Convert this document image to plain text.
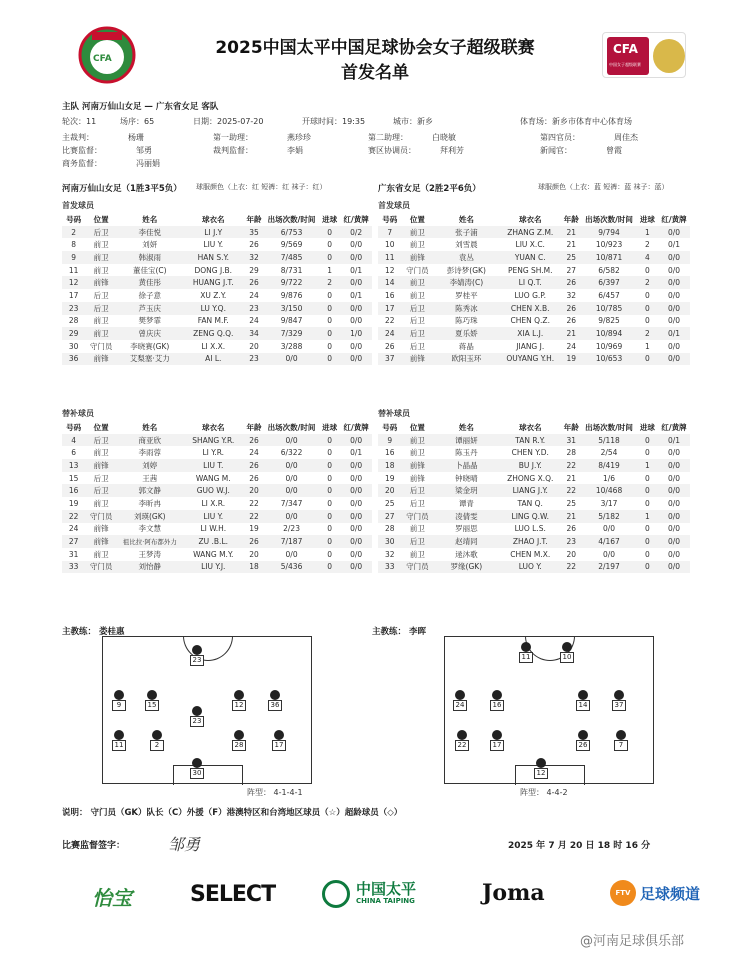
CFA
2025中国太平中国足球协会女子超级联赛
首发名单
CFA
中国女子超级联赛
主队 河南万仙山女足 — 广东省女足 客队
轮次：11	场序：65	日期：2025-07-20	开球时间：19:35	城市：新乡	体育场：新乡市体育中心体育场
主裁判：	杨珊	第一助理：	燕珍珍	第二助理：	白晓敏	第四官员：	周佳杰
比赛监督：	邹勇	裁判监督：	李娟	赛区协调员：	拜利芳	新闻官：	曾霞
商务监督：	冯丽娟
河南万仙山女足（1胜3平5负） 球服颜色（上衣：红 短裤：红 袜子：红）	广东省女足（2胜2平6负）	球服颜色（上衣：蓝 短裤：蓝 袜子：蓝）
首发球员	首发球员
号码	位置	姓名	球衣名	年龄	出场次数/时间	进球	红/黄牌
2	后卫	李佳悦	LI J.Y	35	6/753	0	0/2
8	前卫	刘妍	LIU Y.	26	9/569	0	0/0
9	前卫	韩淑雨	HAN S.Y.	32	7/485	0	0/0
11	前卫	董佳宝(C)	DONG J.B.	29	8/731	1	0/1
12	前锋	黄佳彤	HUANG J.T.	26	9/722	2	0/0
17	后卫	徐子意	XU Z.Y.	24	9/876	0	0/1
23	后卫	芦玉庆	LU Y.Q.	23	3/150	0	0/0
28	前卫	樊梦霏	FAN M.F.	24	9/847	0	0/0
29	前卫	曾庆庆	ZENG Q.Q.	34	7/329	0	1/0
30	守门员	李晓赛(GK)	LI X.X.	20	3/288	0	0/0
36	前锋	艾梨塞·艾力	AI L.	23	0/0	0	0/0
号码	位置	姓名	球衣名	年龄	出场次数/时间	进球	红/黄牌
7	前卫	张子浦	ZHANG Z.M.	21	9/794	1	0/0
10	前卫	刘雪晨	LIU X.C.	21	10/923	2	0/1
11	前锋	袁丛	YUAN C.	25	10/871	4	0/0
12	守门员	彭诗梦(GK)	PENG SH.M.	27	6/582	0	0/0
14	前卫	李婧涛(C)	LI Q.T.	26	6/397	2	0/0
16	前卫	罗桂平	LUO G.P.	32	6/457	0	0/0
17	后卫	陈秀冰	CHEN X.B.	26	10/785	0	0/0
22	后卫	陈巧珠	CHEN Q.Z.	26	9/825	0	0/0
24	后卫	夏乐娇	XIA L.J.	21	10/894	2	0/1
26	后卫	蒋晶	JIANG J.	24	10/969	1	0/0
37	前锋	欧阳玉环	OUYANG Y.H.	19	10/653	0	0/0
替补球员	替补球员
号码	位置	姓名	球衣名	年龄	出场次数/时间	进球	红/黄牌
4	后卫	商亚欣	SHANG Y.R.	26	0/0	0	0/0
6	前卫	李雨蓉	LI Y.R.	24	6/322	0	0/1
13	前锋	刘婷	LIU T.	26	0/0	0	0/0
15	后卫	王茜	WANG M.	26	0/0	0	0/0
16	后卫	郭文静	GUO W.J.	20	0/0	0	0/0
19	前卫	李昕冉	LI X.R.	22	7/347	0	0/0
22	守门员	刘瑛(GK)	LIU Y.	22	0/0	0	0/0
24	前锋	李文慧	LI W.H.	19	2/23	0	0/0
27	前锋	祖比拉·阿布都外力	ZU .B.L.	26	7/187	0	0/0
31	前卫	王梦涛	WANG M.Y.	20	0/0	0	0/0
33	守门员	刘怡静	LIU Y.J.	18	5/436	0	0/0
号码	位置	姓名	球衣名	年龄	出场次数/时间	进球	红/黄牌
9	前卫	谭丽妍	TAN R.Y.	31	5/118	0	0/1
16	前卫	陈玉丹	CHEN Y.D.	28	2/54	0	0/0
18	前锋	卜晶晶	BU J.Y.	22	8/419	1	0/0
19	前锋	钟晓晴	ZHONG X.Q.	21	1/6	0	0/0
20	后卫	梁金玥	LIANG J.Y.	22	10/468	0	0/0
25	后卫	谭青	TAN Q.	25	3/17	0	0/0
27	守门员	凌倩雯	LING Q.W.	21	5/182	1	0/0
28	前卫	罗丽思	LUO L.S.	26	0/0	0	0/0
30	后卫	赵靖同	ZHAO J.T.	23	4/167	0	0/0
32	前卫	逯沐歌	CHEN M.X.	20	0/0	0	0/0
33	守门员	罗缘(GK)	LUO Y.	22	2/197	0	0/0
主教练： 娄桂惠	主教练： 李晖
23
9	15	12	36
23
11	2	28	17
30
11	10
24	16	14	37
22	17	26	7
12
阵型： 4-1-4-1	阵型： 4-4-2
说明： 守门员（GK）队长（C）外援（F）港澳特区和台湾地区球员（☆）超龄球员（◇）
比赛监督签字：	邹勇	2025 年 7 月 20 日 18 时 16 分
怡宝	SELECT	中国太平
CHINA TAIPING	Joma	FTV 足球频道
@河南足球俱乐部
